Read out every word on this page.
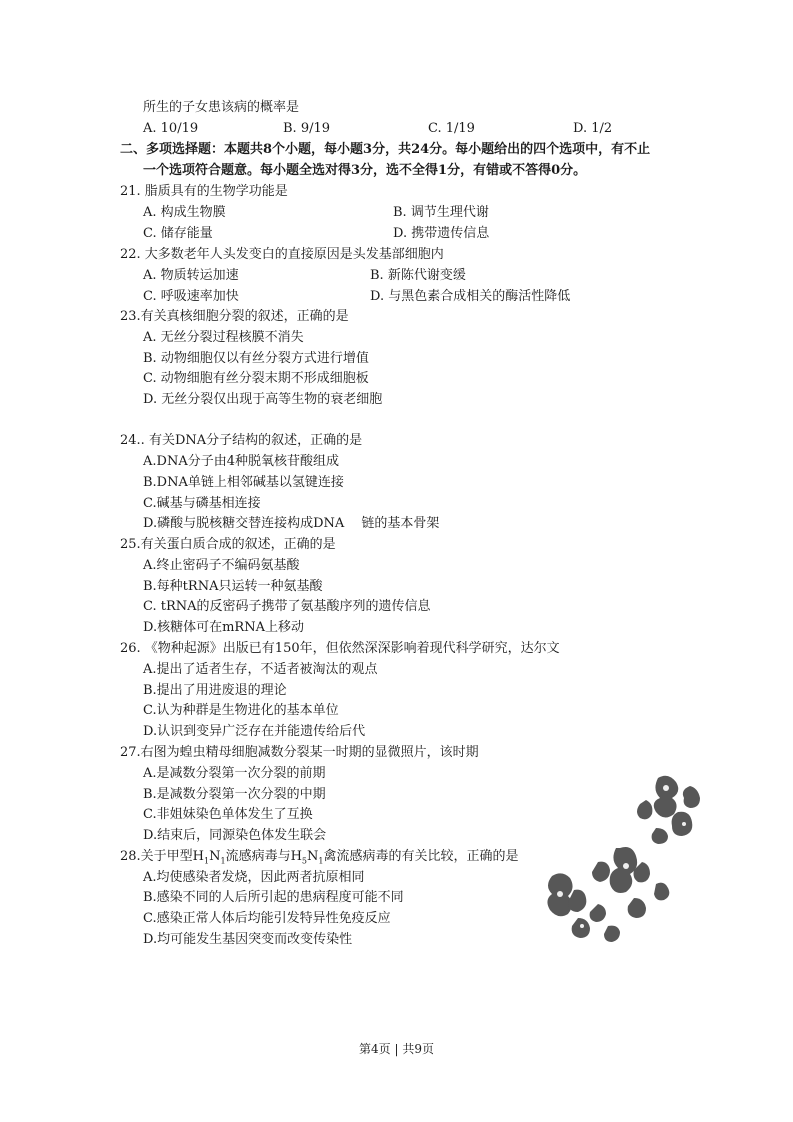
所生的子女患该病的概率是
A. 10/19	B. 9/19	C. 1/19	D. 1/2
二、多项选择题：本题共8个小题，每小题3分，共24分。每小题给出的四个选项中，有不止
一个选项符合题意。每小题全选对得3分，选不全得1分，有错或不答得0分。
21. 脂质具有的生物学功能是
A. 构成生物膜	B. 调节生理代谢
C. 储存能量	D. 携带遗传信息
22. 大多数老年人头发变白的直接原因是头发基部细胞内
A. 物质转运加速	B. 新陈代谢变缓
C. 呼吸速率加快	D. 与黑色素合成相关的酶活性降低
23.有关真核细胞分裂的叙述，正确的是
A. 无丝分裂过程核膜不消失
B. 动物细胞仅以有丝分裂方式进行增值
C. 动物细胞有丝分裂末期不形成细胞板
D. 无丝分裂仅出现于高等生物的衰老细胞
24.. 有关DNA分子结构的叙述，正确的是
A.DNA分子由4种脱氧核苷酸组成
B.DNA单链上相邻碱基以氢键连接
C.碱基与磷基相连接
D.磷酸与脱核糖交替连接构成DNA　 链的基本骨架
25.有关蛋白质合成的叙述，正确的是
A.终止密码子不编码氨基酸
B.每种tRNA只运转一种氨基酸
C. tRNA的反密码子携带了氨基酸序列的遗传信息
D.核糖体可在mRNA上移动
26. 《物种起源》出版已有150年，但依然深深影响着现代科学研究，达尔文
A.提出了适者生存，不适者被淘汰的观点
B.提出了用进废退的理论
C.认为种群是生物进化的基本单位
D.认识到变异广泛存在并能遗传给后代
27.右图为蝗虫精母细胞减数分裂某一时期的显微照片，该时期
A.是减数分裂第一次分裂的前期
B.是减数分裂第一次分裂的中期
C.非姐妹染色单体发生了互换
D.结束后，同源染色体发生联会
28.关于甲型$H_1N_1$流感病毒与$H_5N_1$禽流感病毒的有关比较，正确的是
A.均使感染者发烧，因此两者抗原相同
B.感染不同的人后所引起的患病程度可能不同
C.感染正常人体后均能引发特异性免疫反应
D.均可能发生基因突变而改变传染性
第4页 | 共9页
